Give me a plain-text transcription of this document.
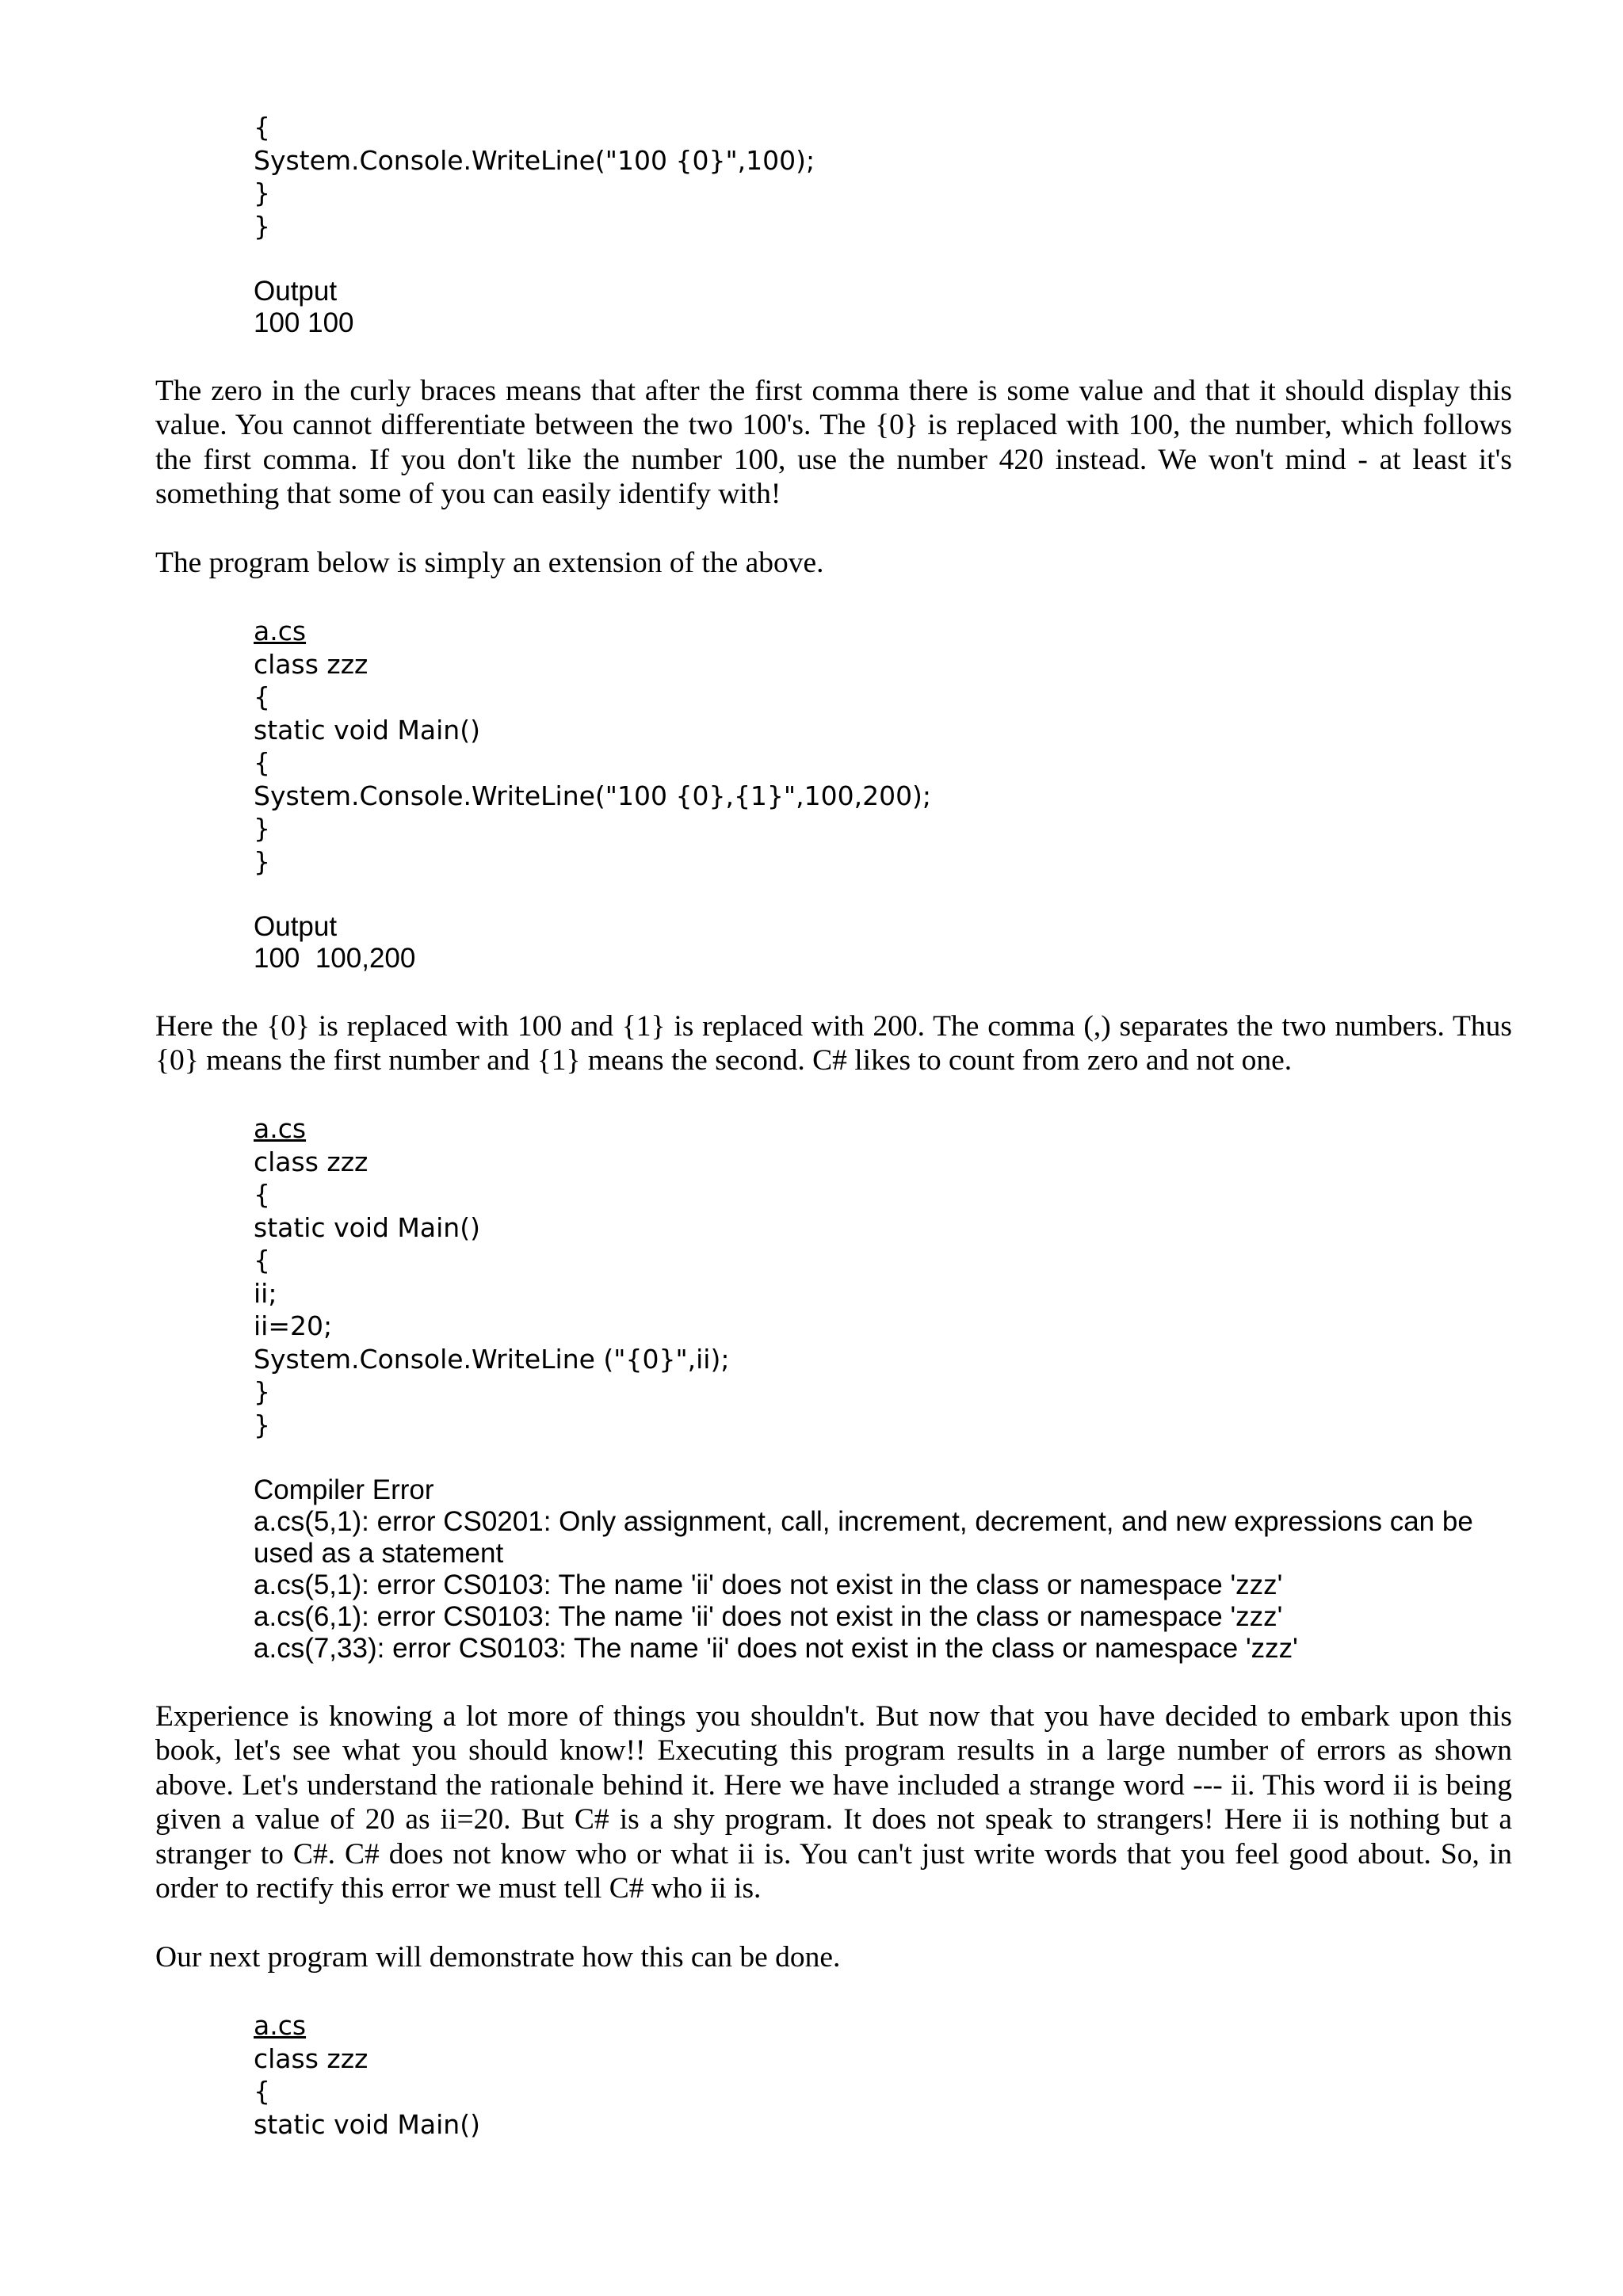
{
System.Console.WriteLine("100 {0}",100);
}
}
Output
100 100

The zero in the curly braces means that after the first comma there is some value and that it should display this value. You cannot differentiate between the two 100's. The {0} is replaced with 100, the number, which follows the first comma. If you don't like the number 100, use the number 420 instead. We won't mind - at least it's something that some of you can easily identify with!

The program below is simply an extension of the above.

a.cs
class zzz
{
static void Main()
{
System.Console.WriteLine("100 {0},{1}",100,200);
}
}
Output
100  100,200

Here the {0} is replaced with 100 and {1} is replaced with 200. The comma (,) separates the two numbers. Thus {0} means the first number and {1} means the second. C# likes to count from zero and not one.

a.cs
class zzz
{
static void Main()
{
ii;
ii=20;
System.Console.WriteLine ("{0}",ii);
}
}
Compiler Error
a.cs(5,1): error CS0201: Only assignment, call, increment, decrement, and new expressions can be used as a statement
a.cs(5,1): error CS0103: The name 'ii' does not exist in the class or namespace 'zzz'
a.cs(6,1): error CS0103: The name 'ii' does not exist in the class or namespace 'zzz'
a.cs(7,33): error CS0103: The name 'ii' does not exist in the class or namespace 'zzz'

Experience is knowing a lot more of things you shouldn't. But now that you have decided to embark upon this book, let's see what you should know!! Executing this program results in a large number of errors as shown above. Let's understand the rationale behind it. Here we have included a strange word --- ii. This word ii is being given a value of 20 as ii=20. But C# is a shy program. It does not speak to strangers! Here ii is nothing but a stranger to C#. C# does not know who or what ii is. You can't just write words that you feel good about. So, in order to rectify this error we must tell C# who ii is.

Our next program will demonstrate how this can be done.

a.cs
class zzz
{
static void Main()
